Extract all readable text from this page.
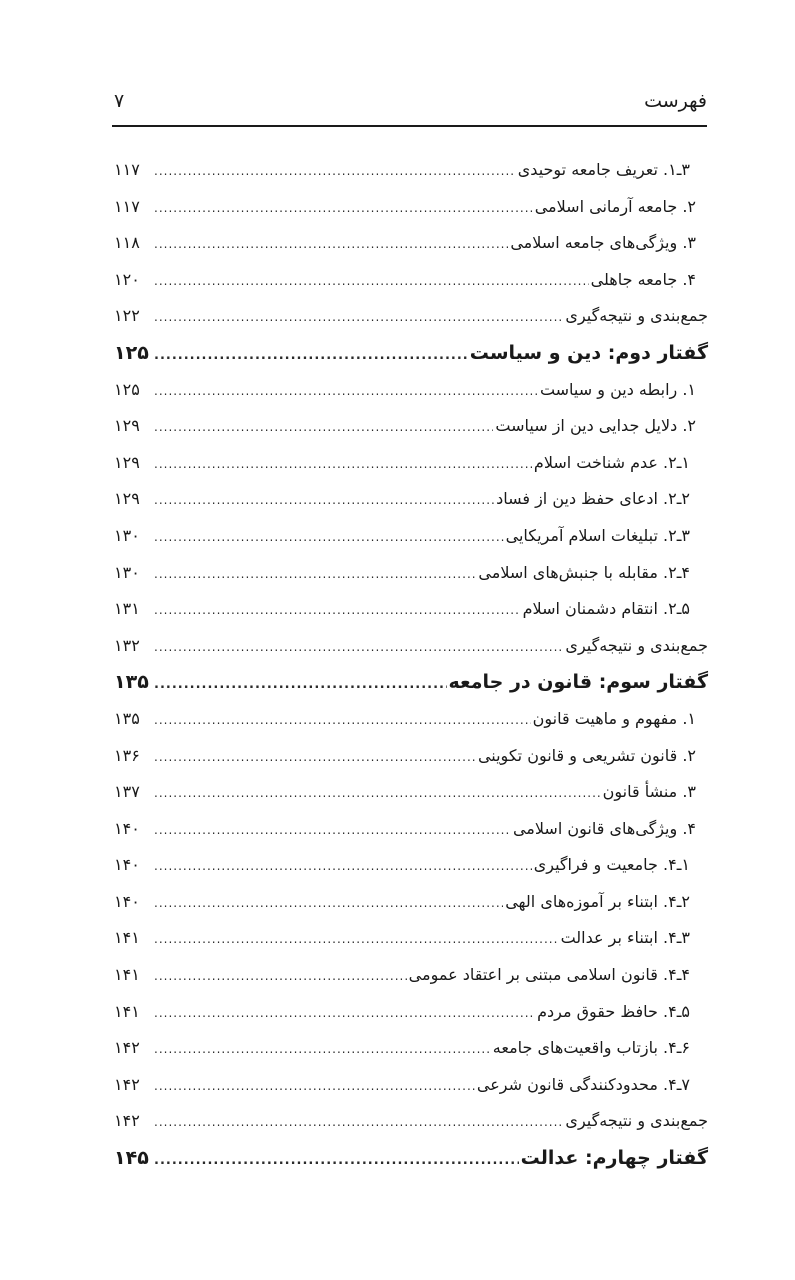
فهرست
۷
۳ـ۱. تعریف جامعه توحیدی
.....
۱۱۷
۲. جامعه آرمانی اسلامی
.....
۱۱۷
۳. ویژگی‌های جامعه اسلامی
.....
۱۱۸
۴. جامعه جاهلی
.....
۱۲۰
جمع‌بندی و نتیجه‌گیری
.....
۱۲۲
گفتار دوم: دین و سیاست
.....
۱۲۵
۱. رابطه دین و سیاست
.....
۱۲۵
۲. دلایل جدایی دین از سیاست
.....
۱۲۹
۱ـ۲. عدم شناخت اسلام
.....
۱۲۹
۲ـ۲. ادعای حفظ دین از فساد
.....
۱۲۹
۳ـ۲. تبلیغات اسلام آمریکایی
.....
۱۳۰
۴ـ۲. مقابله با جنبش‌های اسلامی
.....
۱۳۰
۵ـ۲. انتقام دشمنان اسلام
.....
۱۳۱
جمع‌بندی و نتیجه‌گیری
.....
۱۳۲
گفتار سوم: قانون در جامعه
.....
۱۳۵
۱. مفهوم و ماهیت قانون
.....
۱۳۵
۲. قانون تشریعی و قانون تکوینی
.....
۱۳۶
۳. منشأ قانون
.....
۱۳۷
۴. ویژگی‌های قانون اسلامی
.....
۱۴۰
۱ـ۴. جامعیت و فراگیری
.....
۱۴۰
۲ـ۴. ابتناء بر آموزه‌های الهی
.....
۱۴۰
۳ـ۴. ابتناء بر عدالت
.....
۱۴۱
۴ـ۴. قانون اسلامی مبتنی بر اعتقاد عمومی
.....
۱۴۱
۵ـ۴. حافظ حقوق مردم
.....
۱۴۱
۶ـ۴. بازتاب واقعیت‌های جامعه
.....
۱۴۲
۷ـ۴. محدودکنندگی قانون شرعی
.....
۱۴۲
جمع‌بندی و نتیجه‌گیری
.....
۱۴۲
گفتار چهارم: عدالت
.....
۱۴۵
